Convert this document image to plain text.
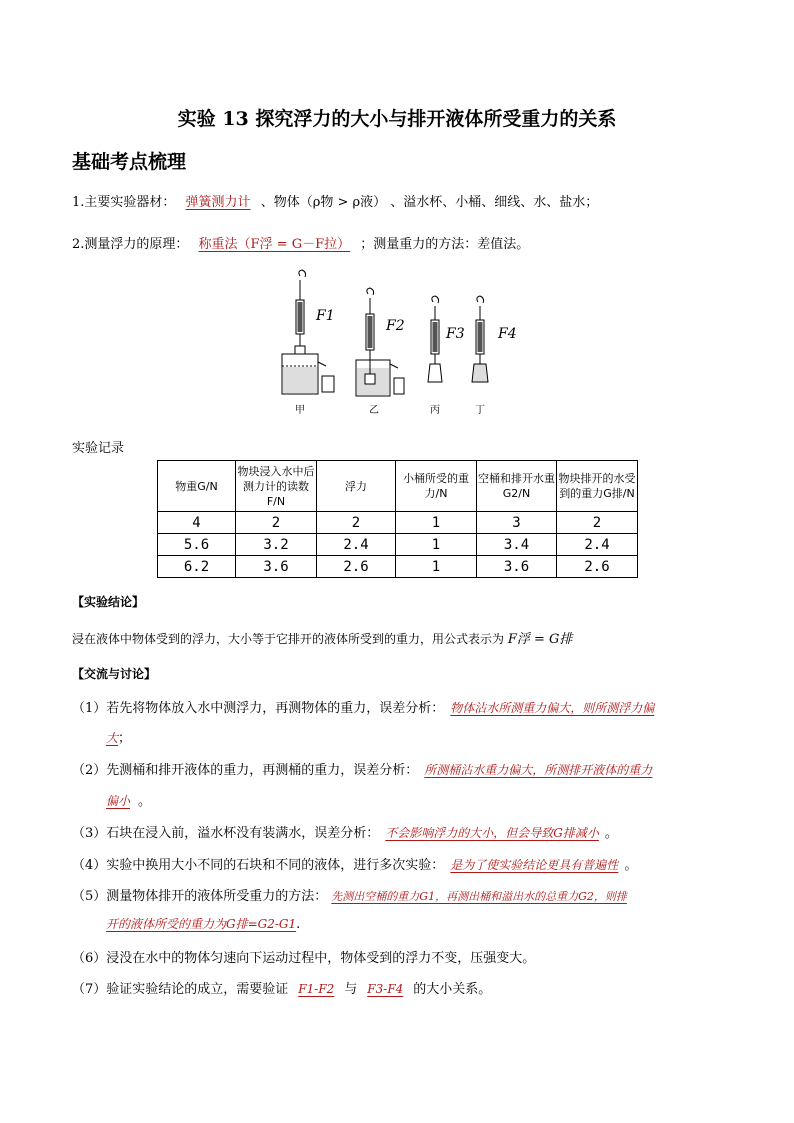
实验 13 探究浮力的大小与排开液体所受重力的关系
基础考点梳理
1.主要实验器材： 弹簧测力计 、物体（ρ物 > ρ液） 、溢水杯、小桶、细线、水、盐水；
2.测量浮力的原理： 称重法（F浮 = G－F拉） ；测量重力的方法：差值法。
F1
F2	F3 F4
甲	乙	丙	丁
实验记录
物重G/N	物块浸入水中后测力计的读数F/N	浮力	小桶所受的重力/N	空桶和排开水重G2/N	物块排开的水受到的重力G排/N
4	2	2	1	3	2
5.6	3.2	2.4	1	3.4	2.4
6.2	3.6	2.6	1	3.6	2.6
【实验结论】
浸在液体中物体受到的浮力，大小等于它排开的液体所受到的重力，用公式表示为 F浮 = G排
【交流与讨论】
（1）若先将物体放入水中测浮力，再测物体的重力，误差分析： 物体沾水所测重力偏大，则所测浮力偏
大；
（2）先测桶和排开液体的重力，再测桶的重力，误差分析： 所测桶沾水重力偏大，所测排开液体的重力
偏小 。
（3）石块在浸入前，溢水杯没有装满水，误差分析： 不会影响浮力的大小，但会导致G排减小 。
（4）实验中换用大小不同的石块和不同的液体，进行多次实验： 是为了使实验结论更具有普遍性 。
（5）测量物体排开的液体所受重力的方法： 先测出空桶的重力G1，再测出桶和溢出水的总重力G2，则排
开的液体所受的重力为G排=G2-G1.
（6）浸没在水中的物体匀速向下运动过程中，物体受到的浮力不变，压强变大。
（7）验证实验结论的成立，需要验证 F1-F2 与 F3-F4 的大小关系。
